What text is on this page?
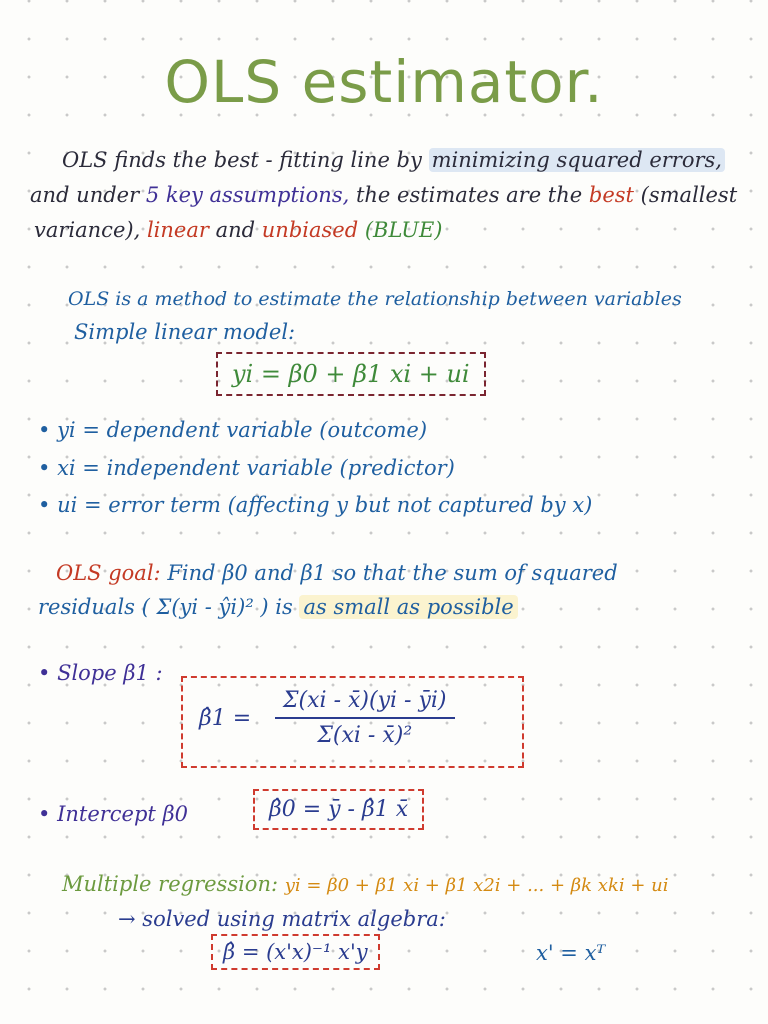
OLS estimator.
OLS finds the best - fitting line by minimizing squared errors,
and under 5 key assumptions, the estimates are the best (smallest
variance), linear and unbiased (BLUE)
OLS is a method to estimate the relationship between variables
Simple linear model:
yi = β0 + β1 xi + ui
• yi = dependent variable (outcome)
• xi = independent variable (predictor)
• ui = error term (affecting y but not captured by x)
OLS goal: Find β0 and β1 so that the sum of squared
residuals ( Σ(yi - ŷi)² ) is as small as possible
• Slope β1 :
β̂1 = $\frac{\Sigma(xi - x̄)(yi - ȳi)}{\text{Σ(xi - x̄)²}}$
• Intercept β0	β̂0 = ȳ - β̂1 x̄
Multiple regression: yi = β0 + β1 xi + β1 x2i + ... + βk xki + ui
→ solved using matrix algebra:
β̂ = (x'x)⁻¹ x'y	x' = xᵀ
